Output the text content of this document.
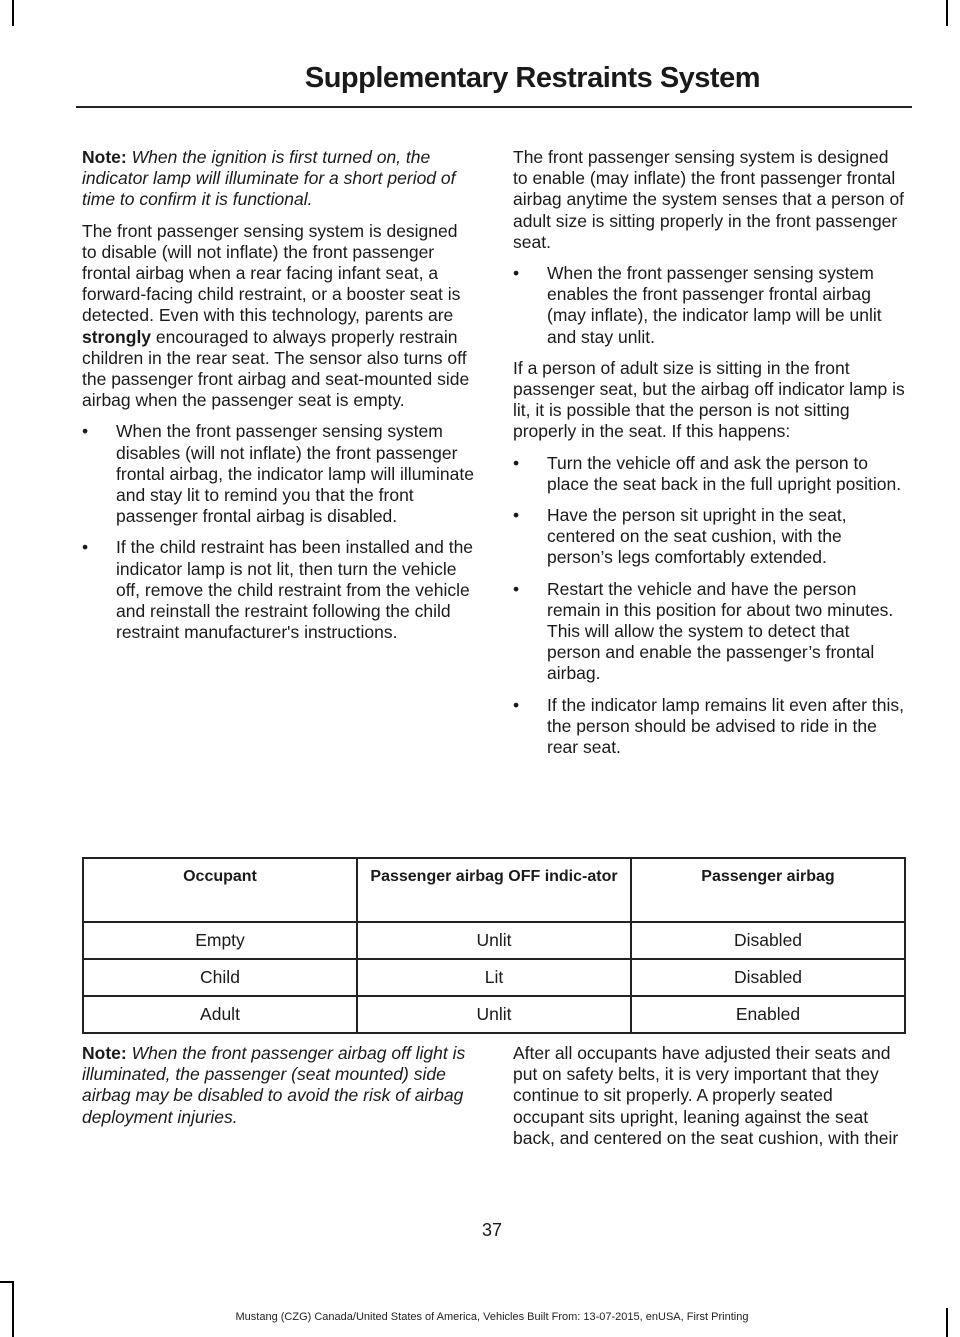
Supplementary Restraints System

Note: When the ignition is first turned on, the indicator lamp will illuminate for a short period of time to confirm it is functional.

The front passenger sensing system is designed to disable (will not inflate) the front passenger frontal airbag when a rear facing infant seat, a forward-facing child restraint, or a booster seat is detected. Even with this technology, parents are strongly encouraged to always properly restrain children in the rear seat. The sensor also turns off the passenger front airbag and seat-mounted side airbag when the passenger seat is empty.

• When the front passenger sensing system disables (will not inflate) the front passenger frontal airbag, the indicator lamp will illuminate and stay lit to remind you that the front passenger frontal airbag is disabled.
• If the child restraint has been installed and the indicator lamp is not lit, then turn the vehicle off, remove the child restraint from the vehicle and reinstall the restraint following the child restraint manufacturer's instructions.

The front passenger sensing system is designed to enable (may inflate) the front passenger frontal airbag anytime the system senses that a person of adult size is sitting properly in the front passenger seat.

• When the front passenger sensing system enables the front passenger frontal airbag (may inflate), the indicator lamp will be unlit and stay unlit.

If a person of adult size is sitting in the front passenger seat, but the airbag off indicator lamp is lit, it is possible that the person is not sitting properly in the seat. If this happens:

• Turn the vehicle off and ask the person to place the seat back in the full upright position.
• Have the person sit upright in the seat, centered on the seat cushion, with the person’s legs comfortably extended.
• Restart the vehicle and have the person remain in this position for about two minutes. This will allow the system to detect that person and enable the passenger’s frontal airbag.
• If the indicator lamp remains lit even after this, the person should be advised to ride in the rear seat.
Occupant	Passenger airbag OFF indic-ator	Passenger airbag
Empty	Unlit	Disabled
Child	Lit	Disabled
Adult	Unlit	Enabled
Note: When the front passenger airbag off light is illuminated, the passenger (seat mounted) side airbag may be disabled to avoid the risk of airbag deployment injuries.
After all occupants have adjusted their seats and put on safety belts, it is very important that they continue to sit properly. A properly seated occupant sits upright, leaning against the seat back, and centered on the seat cushion, with their
37
Mustang (CZG) Canada/United States of America, Vehicles Built From: 13-07-2015, enUSA, First Printing
